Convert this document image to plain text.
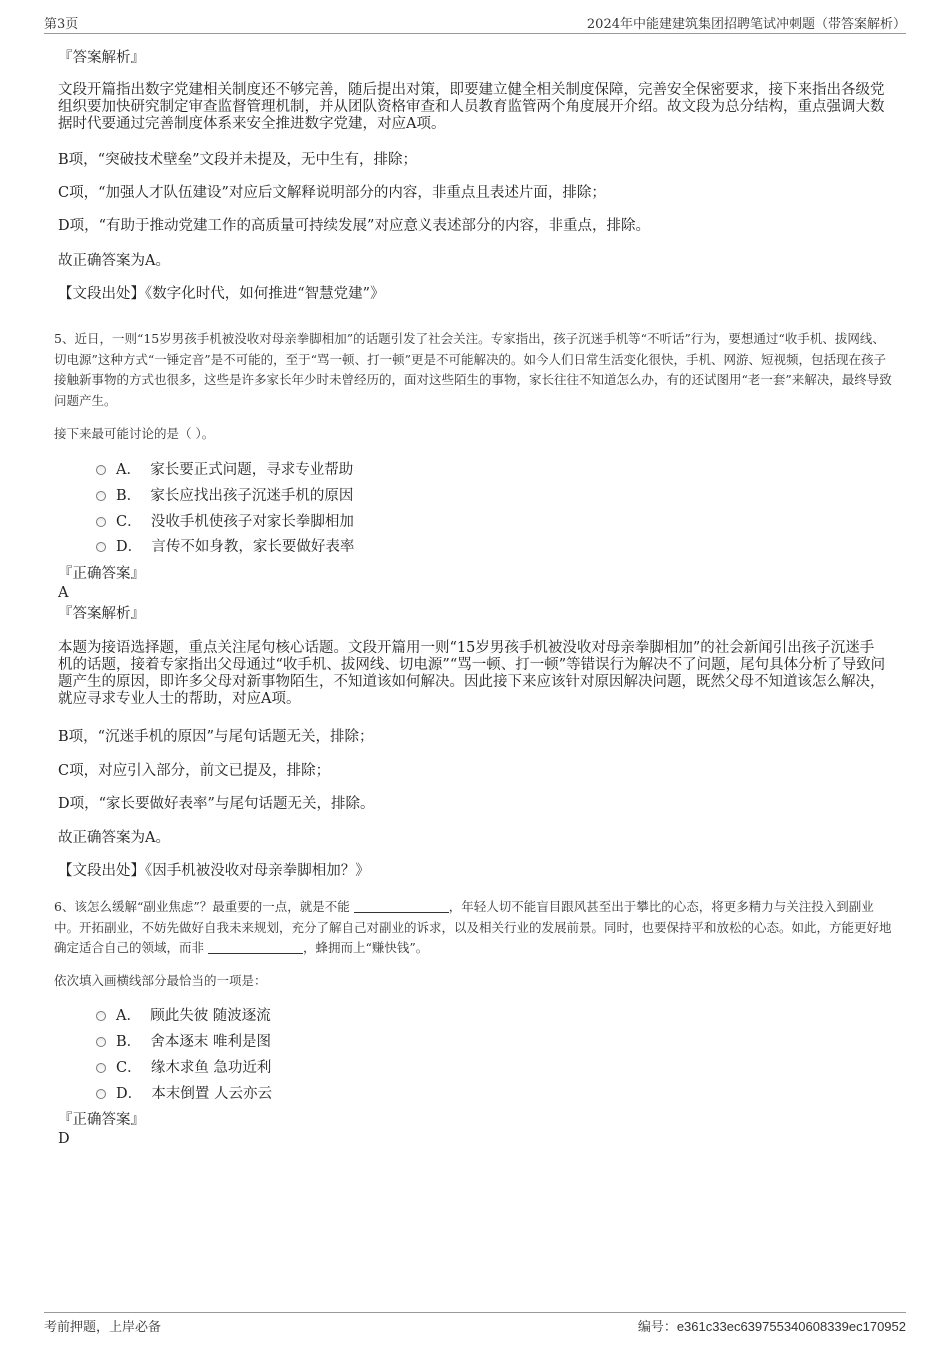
第3页	2024年中能建建筑集团招聘笔试冲刺题（带答案解析）
『答案解析』
文段开篇指出数字党建相关制度还不够完善，随后提出对策，即要建立健全相关制度保障，完善安全保密要求，接下来指出各级党组织要加快研究制定审查监督管理机制，并从团队资格审查和人员教育监管两个角度展开介绍。故文段为总分结构，重点强调大数据时代要通过完善制度体系来安全推进数字党建，对应A项。
B项，“突破技术壁垒”文段并未提及，无中生有，排除；
C项，“加强人才队伍建设”对应后文解释说明部分的内容，非重点且表述片面，排除；
D项，“有助于推动党建工作的高质量可持续发展”对应意义表述部分的内容，非重点，排除。
故正确答案为A。
【文段出处】《数字化时代，如何推进“智慧党建”》
5、近日，一则“15岁男孩手机被没收对母亲拳脚相加”的话题引发了社会关注。专家指出，孩子沉迷手机等“不听话”行为，要想通过“收手机、拔网线、切电源”这种方式“一锤定音”是不可能的，至于“骂一顿、打一顿”更是不可能解决的。如今人们日常生活变化很快，手机、网游、短视频，包括现在孩子接触新事物的方式也很多，这些是许多家长年少时未曾经历的，面对这些陌生的事物，家长往往不知道怎么办，有的还试图用“老一套”来解决，最终导致问题产生。
接下来最可能讨论的是（ ）。
A． 家长要正式问题，寻求专业帮助
B． 家长应找出孩子沉迷手机的原因
C． 没收手机使孩子对家长拳脚相加
D． 言传不如身教，家长要做好表率
『正确答案』
A
『答案解析』
本题为接语选择题，重点关注尾句核心话题。文段开篇用一则“15岁男孩手机被没收对母亲拳脚相加”的社会新闻引出孩子沉迷手机的话题，接着专家指出父母通过“收手机、拔网线、切电源”“骂一顿、打一顿”等错误行为解决不了问题，尾句具体分析了导致问题产生的原因，即许多父母对新事物陌生，不知道该如何解决。因此接下来应该针对原因解决问题，既然父母不知道该怎么解决，就应寻求专业人士的帮助，对应A项。
B项，“沉迷手机的原因”与尾句话题无关，排除；
C项，对应引入部分，前文已提及，排除；
D项，“家长要做好表率”与尾句话题无关，排除。
故正确答案为A。
【文段出处】《因手机被没收对母亲拳脚相加？》
6、该怎么缓解“副业焦虑”？最重要的一点，就是不能	，年轻人切不能盲目跟风甚至出于攀比的心态，将更多精力与关注投入到副业中。开拓副业，不妨先做好自我未来规划，充分了解自己对副业的诉求，以及相关行业的发展前景。同时，也要保持平和放松的心态。如此，方能更好地确定适合自己的领域，而非	，蜂拥而上“赚快钱”。
依次填入画横线部分最恰当的一项是：
A． 顾此失彼 随波逐流
B． 舍本逐末 唯利是图
C． 缘木求鱼 急功近利
D． 本末倒置 人云亦云
『正确答案』
D
考前押题，上岸必备	编号：e361c33ec6397553406​08339ec170952
